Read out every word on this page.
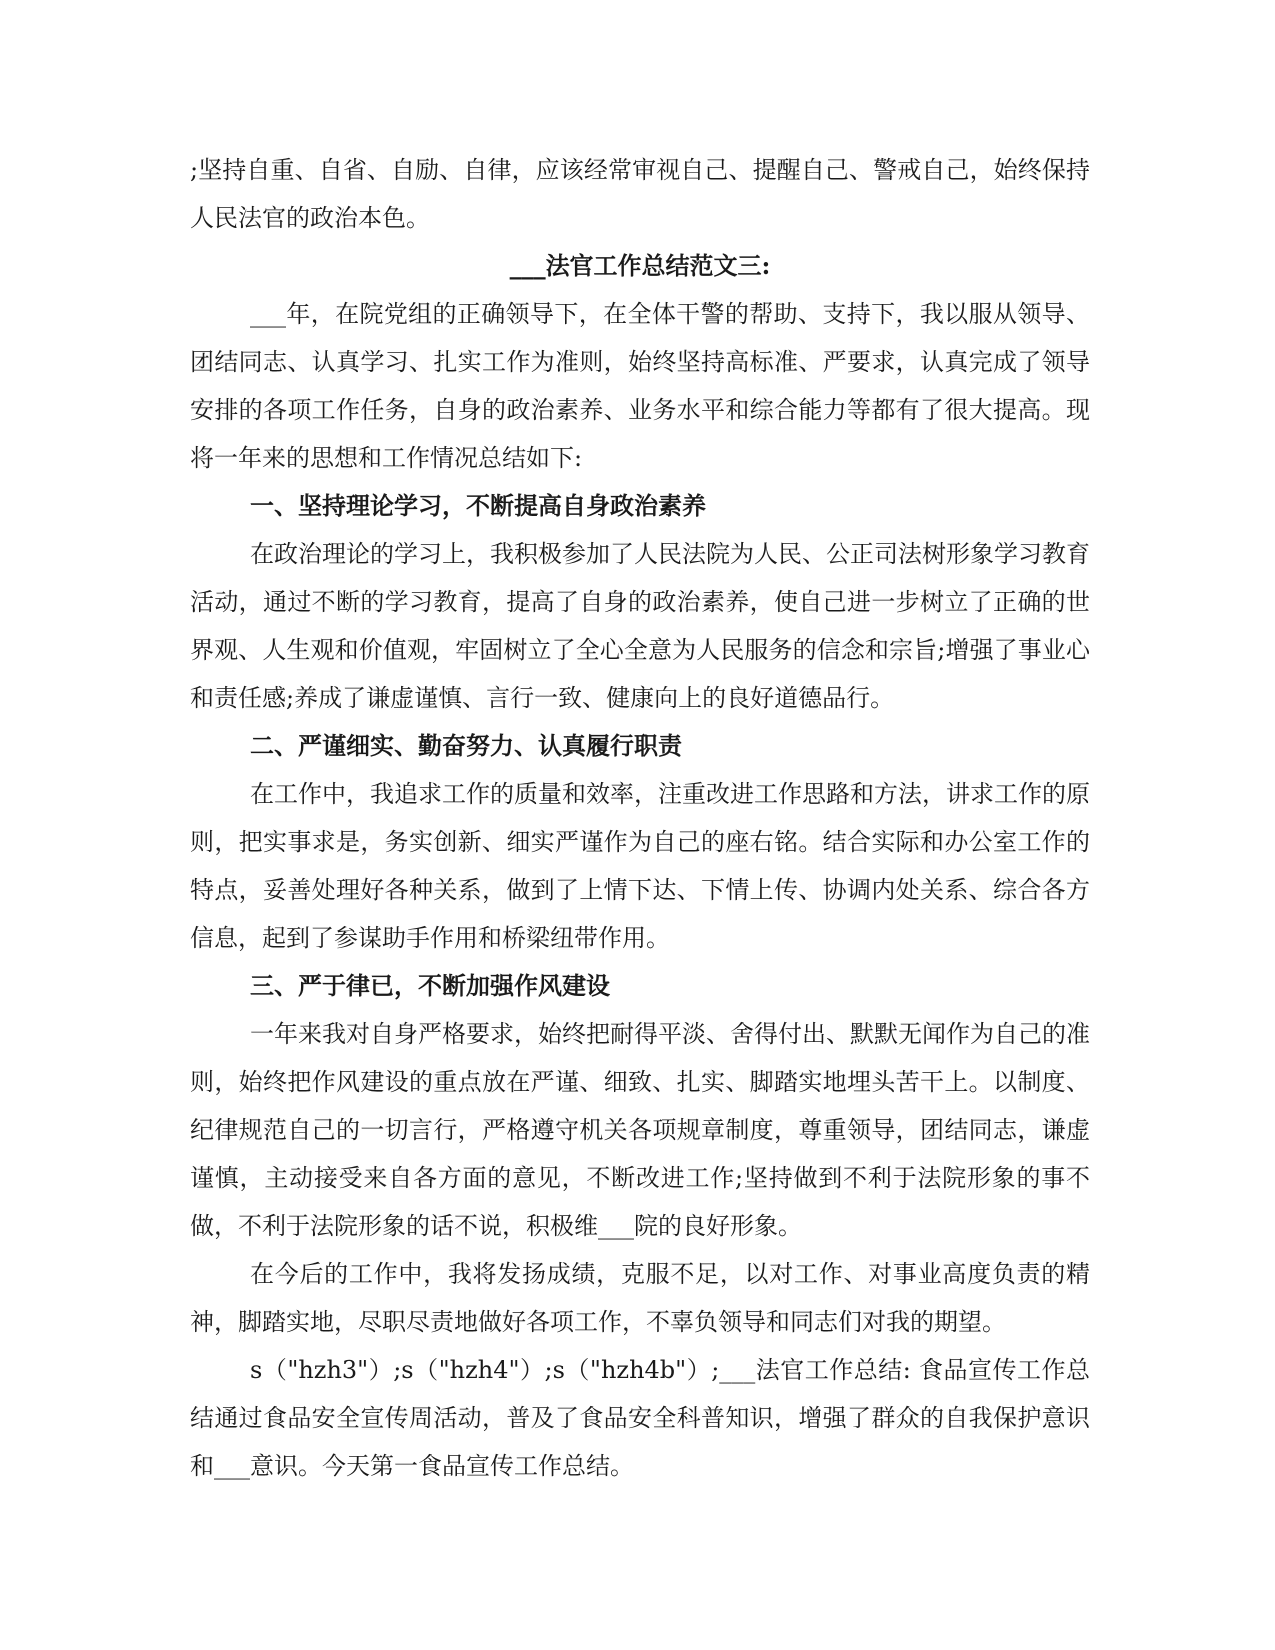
;坚持自重、自省、自励、自律，应该经常审视自己、提醒自己、警戒自己，始终保持人民法官的政治本色。

___法官工作总结范文三:

___年，在院党组的正确领导下，在全体干警的帮助、支持下，我以服从领导、团结同志、认真学习、扎实工作为准则，始终坚持高标准、严要求，认真完成了领导安排的各项工作任务，自身的政治素养、业务水平和综合能力等都有了很大提高。现将一年来的思想和工作情况总结如下:

一、坚持理论学习，不断提高自身政治素养

在政治理论的学习上，我积极参加了人民法院为人民、公正司法树形象学习教育活动，通过不断的学习教育，提高了自身的政治素养，使自己进一步树立了正确的世界观、人生观和价值观，牢固树立了全心全意为人民服务的信念和宗旨;增强了事业心和责任感;养成了谦虚谨慎、言行一致、健康向上的良好道德品行。

二、严谨细实、勤奋努力、认真履行职责

在工作中，我追求工作的质量和效率，注重改进工作思路和方法，讲求工作的原则，把实事求是，务实创新、细实严谨作为自己的座右铭。结合实际和办公室工作的特点，妥善处理好各种关系，做到了上情下达、下情上传、协调内处关系、综合各方信息，起到了参谋助手作用和桥梁纽带作用。

三、严于律已，不断加强作风建设

一年来我对自身严格要求，始终把耐得平淡、舍得付出、默默无闻作为自己的准则，始终把作风建设的重点放在严谨、细致、扎实、脚踏实地埋头苦干上。以制度、纪律规范自己的一切言行，严格遵守机关各项规章制度，尊重领导，团结同志，谦虚谨慎，主动接受来自各方面的意见，不断改进工作;坚持做到不利于法院形象的事不做，不利于法院形象的话不说，积极维___院的良好形象。

在今后的工作中，我将发扬成绩，克服不足，以对工作、对事业高度负责的精神，脚踏实地，尽职尽责地做好各项工作，不辜负领导和同志们对我的期望。

s（"hzh3"）;s（"hzh4"）;s（"hzh4b"）;___法官工作总结: 食品宣传工作总结通过食品安全宣传周活动，普及了食品安全科普知识，增强了群众的自我保护意识和___意识。今天第一食品宣传工作总结。
